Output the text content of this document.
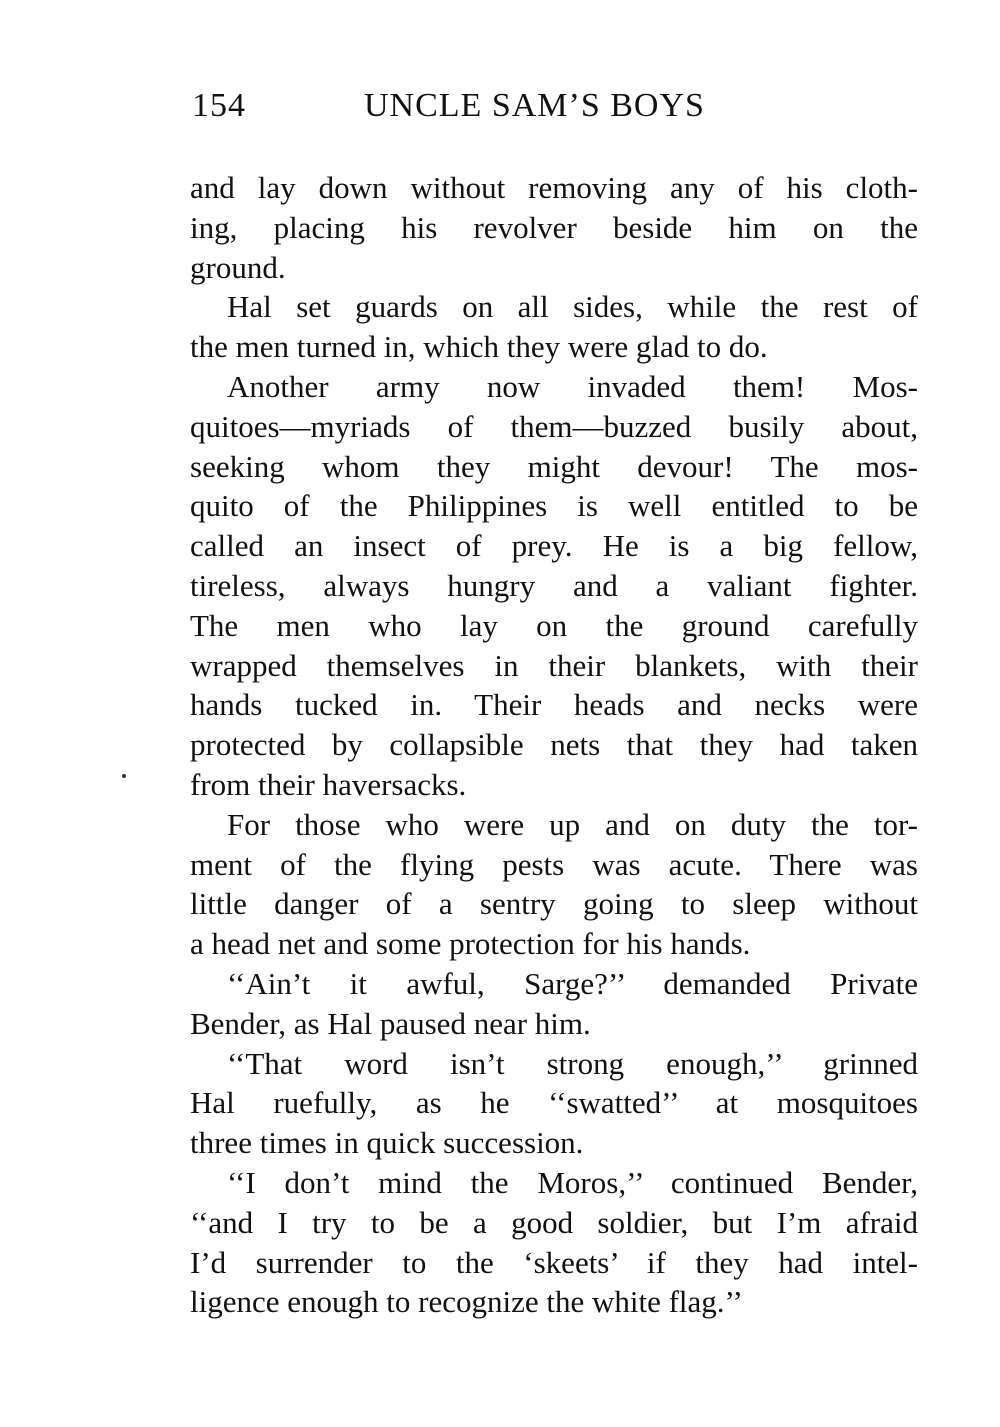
154	UNCLE SAM’S BOYS
and lay down without removing any of his cloth-
ing, placing his revolver beside him on the
ground.
Hal set guards on all sides, while the rest of
the men turned in, which they were glad to do.
Another army now invaded them! Mos-
quitoes—myriads of them—buzzed busily about,
seeking whom they might devour! The mos-
quito of the Philippines is well entitled to be
called an insect of prey. He is a big fellow,
tireless, always hungry and a valiant fighter.
The men who lay on the ground carefully
wrapped themselves in their blankets, with their
hands tucked in. Their heads and necks were
protected by collapsible nets that they had taken
from their haversacks.
For those who were up and on duty the tor-
ment of the flying pests was acute. There was
little danger of a sentry going to sleep without
a head net and some protection for his hands.
‘‘Ain’t it awful, Sarge?’’ demanded Private
Bender, as Hal paused near him.
‘‘That word isn’t strong enough,’’ grinned
Hal ruefully, as he ‘‘swatted’’ at mosquitoes
three times in quick succession.
‘‘I don’t mind the Moros,’’ continued Bender,
‘‘and I try to be a good soldier, but I’m afraid
I’d surrender to the ‘skeets’ if they had intel-
ligence enough to recognize the white flag.’’
